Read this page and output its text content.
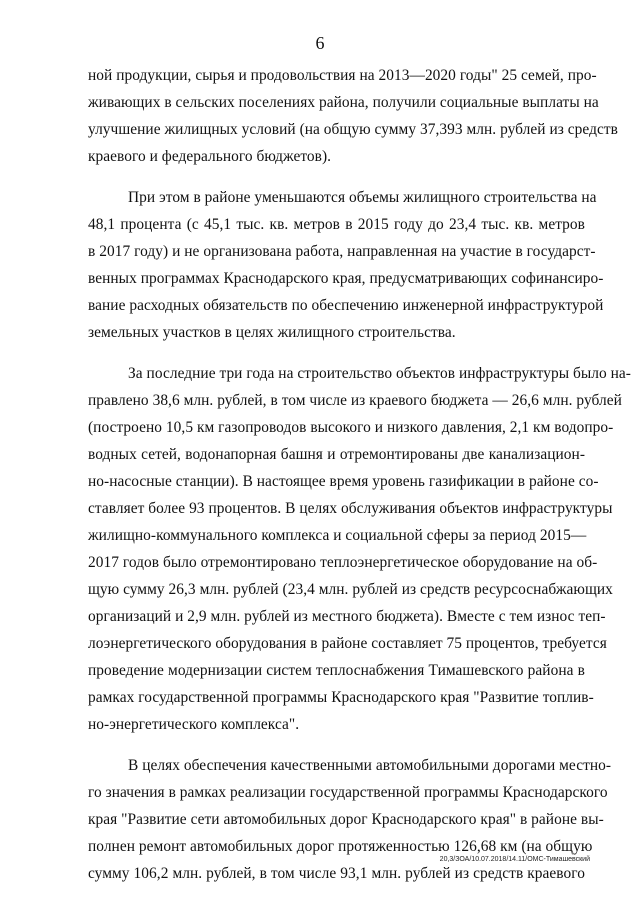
6
ной продукции, сырья и продовольствия на 2013—2020 годы" 25 семей, про-
живающих в сельских поселениях района, получили социальные выплаты на
улучшение жилищных условий (на общую сумму 37,393 млн. рублей из средств
краевого и федерального бюджетов).
При этом в районе уменьшаются объемы жилищного строительства на
48,1 процента (с 45,1 тыс. кв. метров в 2015 году до 23,4 тыс. кв. метров
в 2017 году) и не организована работа, направленная на участие в государст-
венных программах Краснодарского края, предусматривающих софинансиро-
вание расходных обязательств по обеспечению инженерной инфраструктурой
земельных участков в целях жилищного строительства.
За последние три года на строительство объектов инфраструктуры было на-
правлено 38,6 млн. рублей, в том числе из краевого бюджета — 26,6 млн. рублей
(построено 10,5 км газопроводов высокого и низкого давления, 2,1 км водопро-
водных сетей, водонапорная башня и отремонтированы две канализацион-
но-насосные станции). В настоящее время уровень газификации в районе со-
ставляет более 93 процентов. В целях обслуживания объектов инфраструктуры
жилищно-коммунального комплекса и социальной сферы за период 2015—
2017 годов было отремонтировано теплоэнергетическое оборудование на об-
щую сумму 26,3 млн. рублей (23,4 млн. рублей из средств ресурсоснабжающих
организаций и 2,9 млн. рублей из местного бюджета). Вместе с тем износ теп-
лоэнергетического оборудования в районе составляет 75 процентов, требуется
проведение модернизации систем теплоснабжения Тимашевского района в
рамках государственной программы Краснодарского края "Развитие топлив-
но-энергетического комплекса".
В целях обеспечения качественными автомобильными дорогами местно-
го значения в рамках реализации государственной программы Краснодарского
края "Развитие сети автомобильных дорог Краснодарского края" в районе вы-
полнен ремонт автомобильных дорог протяженностью 126,68 км (на общую
сумму 106,2 млн. рублей, в том числе 93,1 млн. рублей из средств краевого
20,3/ЗОА/10.07.2018/14.11/ОМС-Тимашевский
